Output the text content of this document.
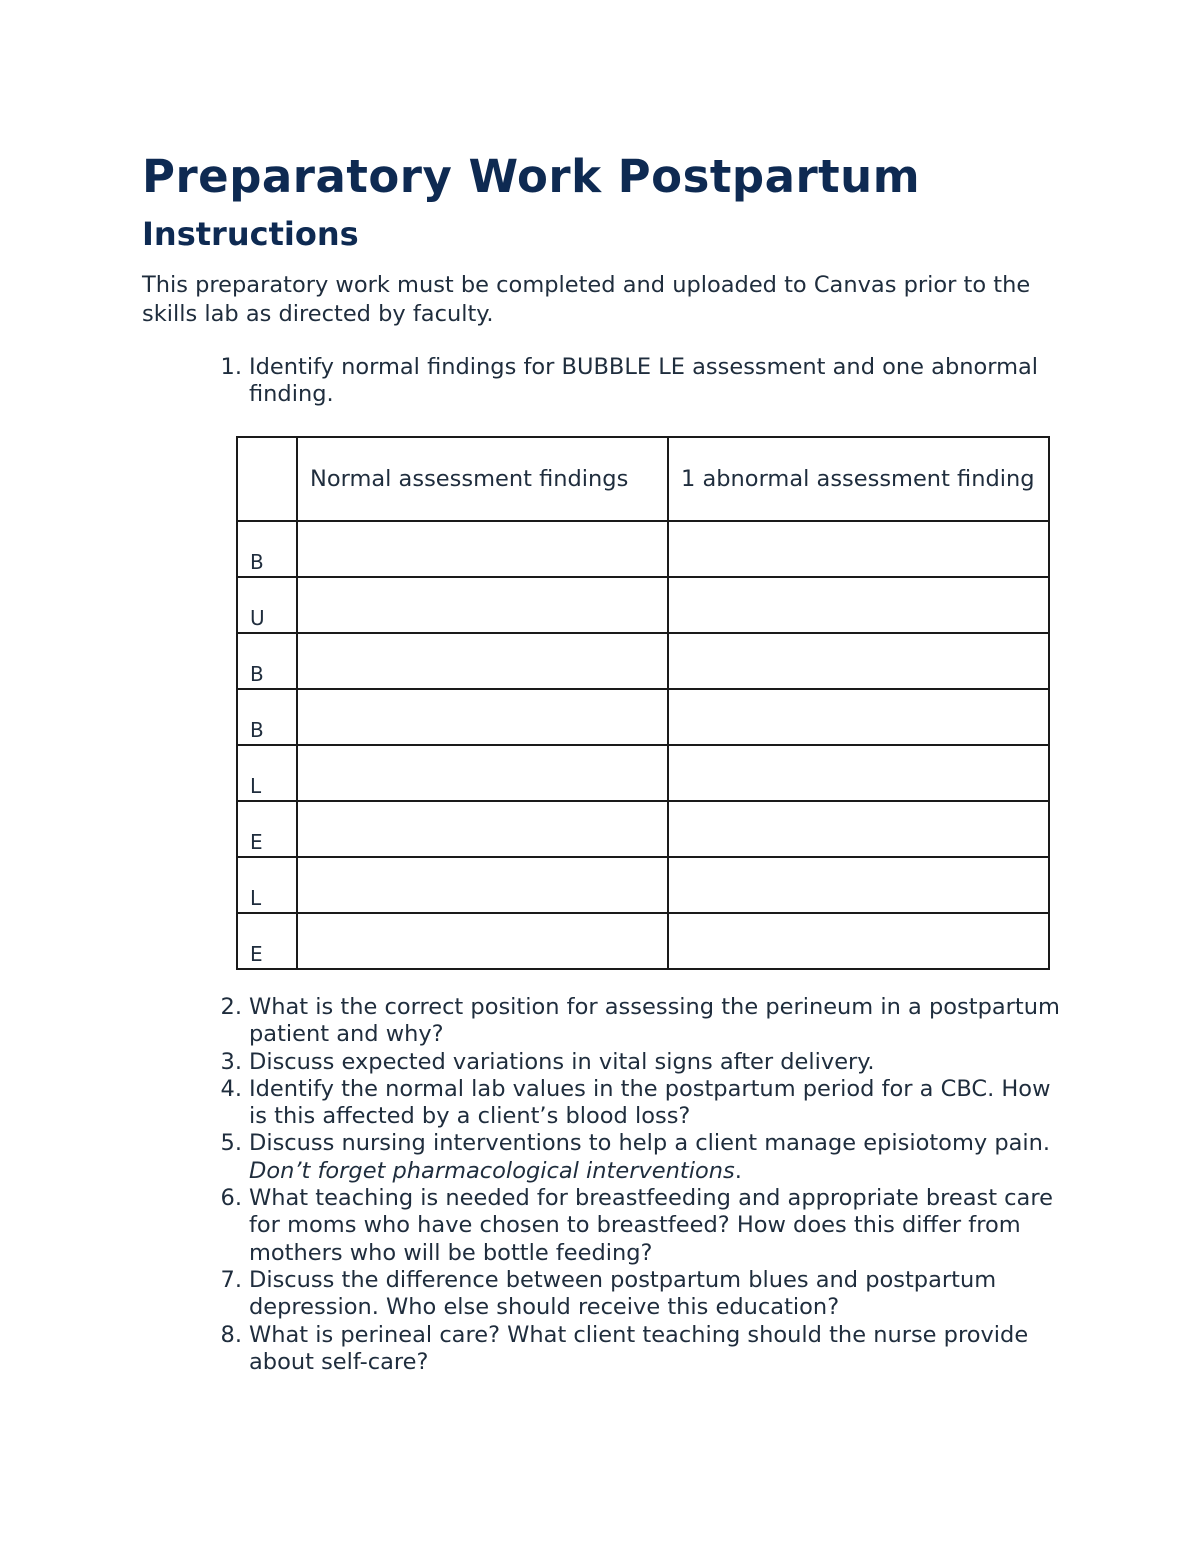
Preparatory Work Postpartum
Instructions

This preparatory work must be completed and uploaded to Canvas prior to the skills lab as directed by faculty.

1. Identify normal findings for BUBBLE LE assessment and one abnormal finding.

	Normal assessment findings	1 abnormal assessment finding

B		

U		

B		

B		

L		

E		

L		

E		

2. What is the correct position for assessing the perineum in a postpartum patient and why?
3. Discuss expected variations in vital signs after delivery.
4. Identify the normal lab values in the postpartum period for a CBC. How is this affected by a client’s blood loss?
5. Discuss nursing interventions to help a client manage episiotomy pain. Don’t forget pharmacological interventions.
6. What teaching is needed for breastfeeding and appropriate breast care for moms who have chosen to breastfeed? How does this differ from mothers who will be bottle feeding?
7. Discuss the difference between postpartum blues and postpartum depression. Who else should receive this education?
8. What is perineal care? What client teaching should the nurse provide about self-care?
